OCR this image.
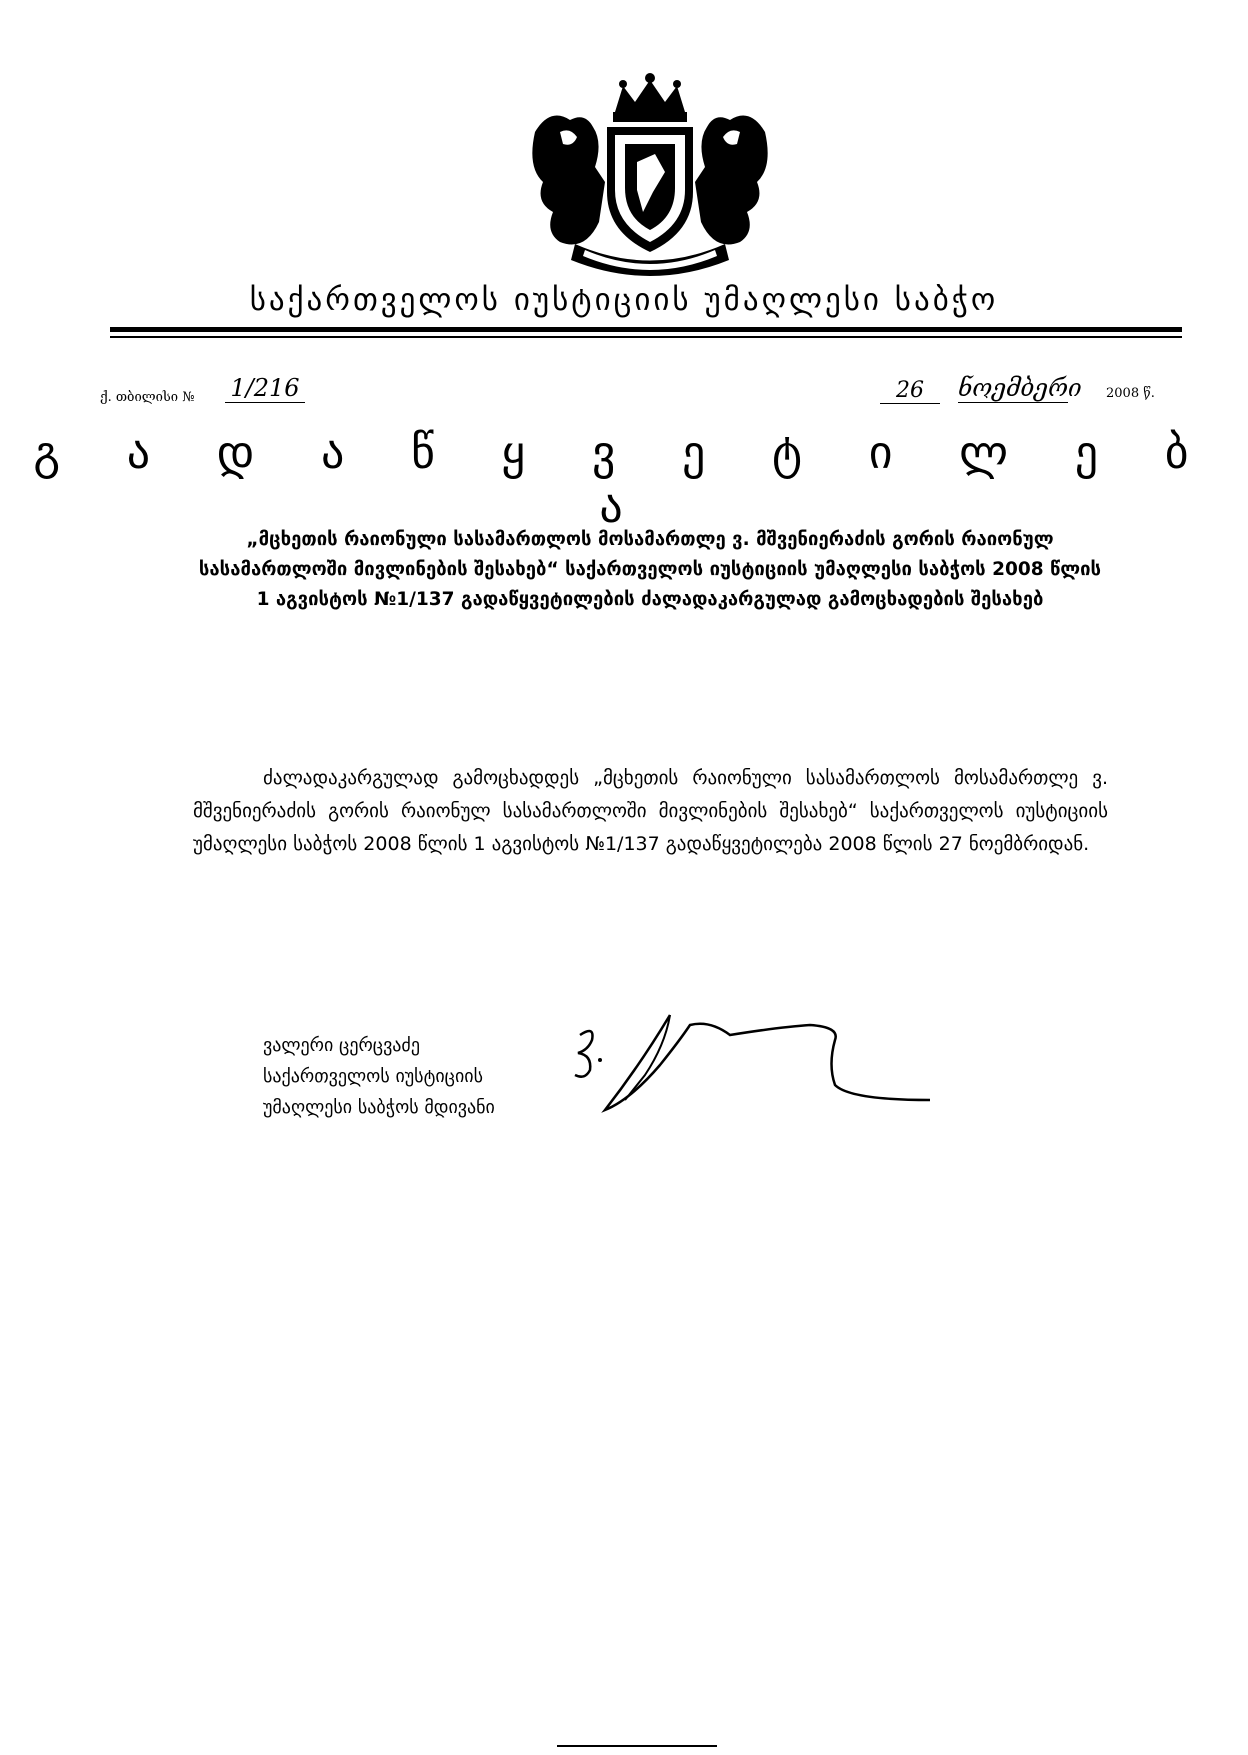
საქართველოს იუსტიციის უმაღლესი საბჭო
ქ. თბილისი № 1/216	26	ნოემბერი 2008 წ.
გ ა დ ა წ ყ ვ ე ტ ი ლ ე ბ ა
„მცხეთის რაიონული სასამართლოს მოსამართლე ვ. მშვენიერაძის გორის რაიონულ სასამართლოში მივლინების შესახებ“ საქართველოს იუსტიციის უმაღლესი საბჭოს 2008 წლის 1 აგვისტოს №1/137 გადაწყვეტილების ძალადაკარგულად გამოცხადების შესახებ
ძალადაკარგულად გამოცხადდეს „მცხეთის რაიონული სასამართლოს მოსამართლე ვ. მშვენიერაძის გორის რაიონულ სასამართლოში მივლინების შესახებ“ საქართველოს იუსტიციის უმაღლესი საბჭოს 2008 წლის 1 აგვისტოს №1/137 გადაწყვეტილება 2008 წლის 27 ნოემბრიდან.
ვალერი ცერცვაძე
საქართველოს იუსტიციის
უმაღლესი საბჭოს მდივანი
